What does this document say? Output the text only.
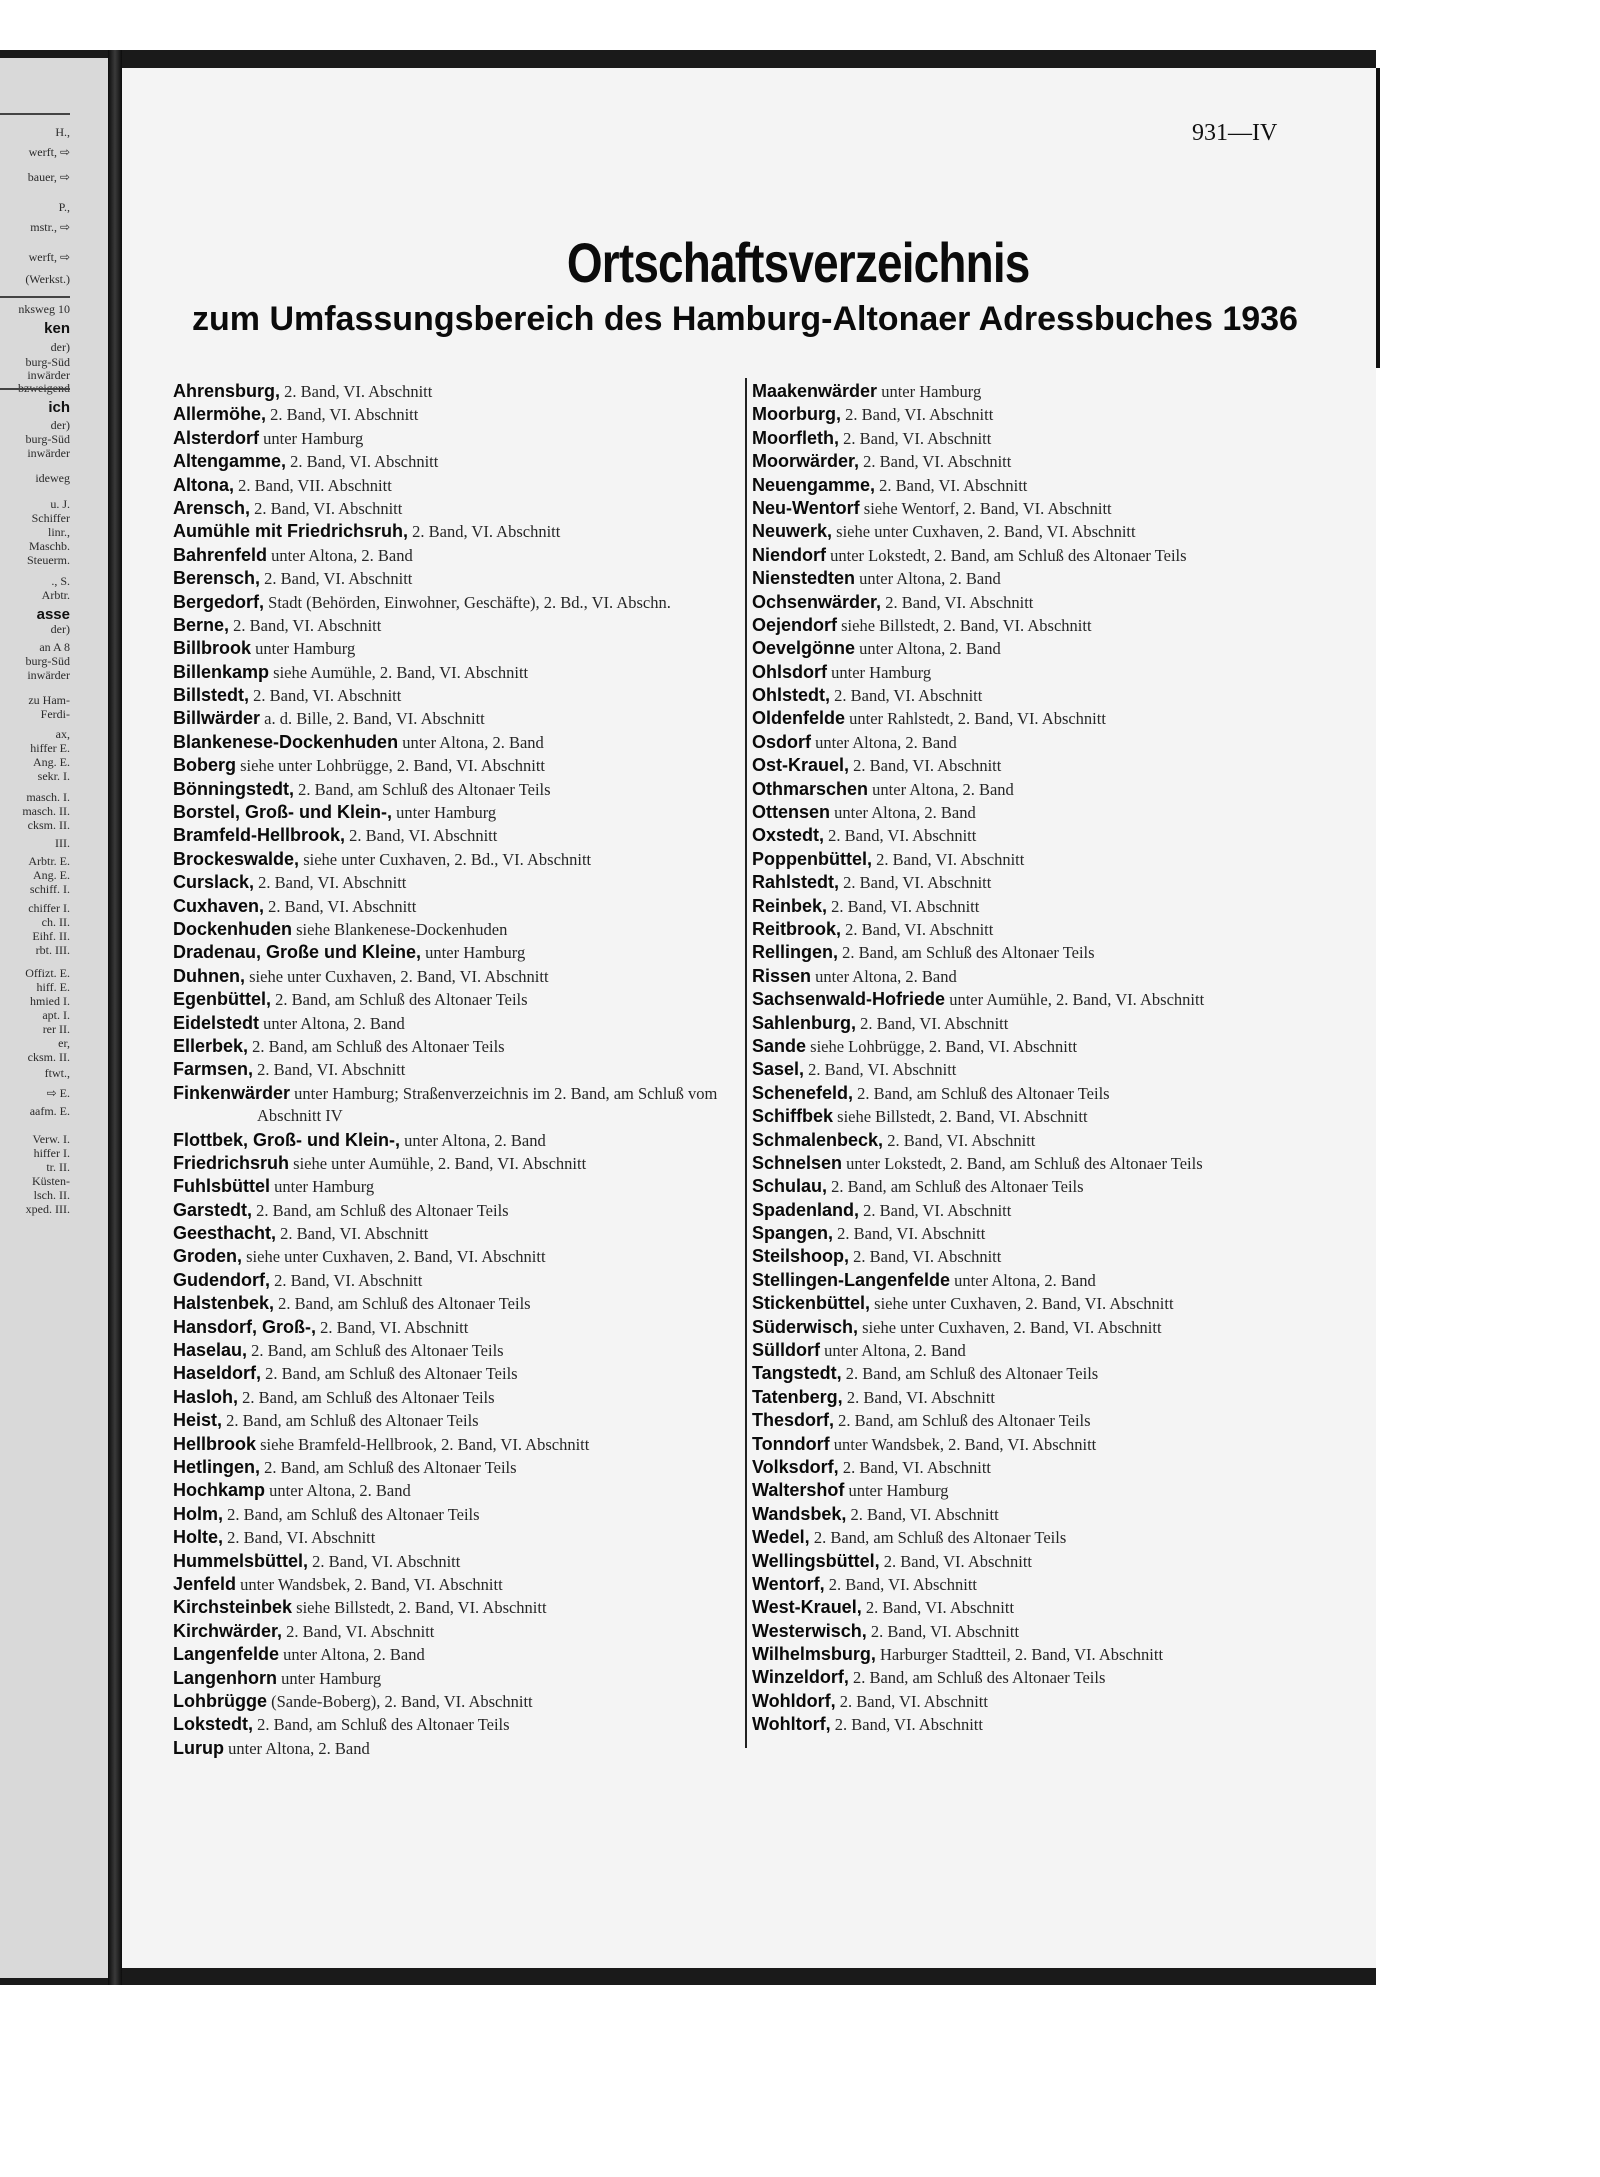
H.,
werft, ⇨
bauer, ⇨
P.,
mstr., ⇨
werft, ⇨
(Werkst.)
nksweg 10
ken
der)
burg-Süd
inwärder
ich
der)
burg-Süd
inwärder
ideweg
u. J.
Schiffer
linr.,
Maschb.
Steuerm.
., S.
Arbtr.
asse
der)
an A 8
burg-Süd
inwärder
zu Ham-
Ferdi-
ax,
hiffer E.
Ang. E.
sekr. I.
masch. I.
masch. II.
cksm. II.
III.
Arbtr. E.
Ang. E.
schiff. I.
chiffer I.
ch. II.
Eihf. II.
rbt. III.
Offizt. E.
hiff. E.
hmied I.
apt. I.
rer II.
er,
cksm. II.
ftwt.,
⇨ E.
aafm. E.
Verw. I.
hiffer I.
tr. II.
Küsten-
lsch. II.
xped. III.
931—IV
Ortschaftsverzeichnis
zum Umfassungsbereich des Hamburg-Altonaer Adressbuches 1936
Ahrensburg, 2. Band, VI. Abschnitt
Allermöhe, 2. Band, VI. Abschnitt
Alsterdorf unter Hamburg
Altengamme, 2. Band, VI. Abschnitt
Altona, 2. Band, VII. Abschnitt
Arensch, 2. Band, VI. Abschnitt
Aumühle mit Friedrichsruh, 2. Band, VI. Abschnitt
Bahrenfeld unter Altona, 2. Band
Berensch, 2. Band, VI. Abschnitt
Bergedorf, Stadt (Behörden, Einwohner, Geschäfte), 2. Bd., VI. Abschn.
Berne, 2. Band, VI. Abschnitt
Billbrook unter Hamburg
Billenkamp siehe Aumühle, 2. Band, VI. Abschnitt
Billstedt, 2. Band, VI. Abschnitt
Billwärder a. d. Bille, 2. Band, VI. Abschnitt
Blankenese-Dockenhuden unter Altona, 2. Band
Boberg siehe unter Lohbrügge, 2. Band, VI. Abschnitt
Bönningstedt, 2. Band, am Schluß des Altonaer Teils
Borstel, Groß- und Klein-, unter Hamburg
Bramfeld-Hellbrook, 2. Band, VI. Abschnitt
Brockeswalde, siehe unter Cuxhaven, 2. Bd., VI. Abschnitt
Curslack, 2. Band, VI. Abschnitt
Cuxhaven, 2. Band, VI. Abschnitt
Dockenhuden siehe Blankenese-Dockenhuden
Dradenau, Große und Kleine, unter Hamburg
Duhnen, siehe unter Cuxhaven, 2. Band, VI. Abschnitt
Egenbüttel, 2. Band, am Schluß des Altonaer Teils
Eidelstedt unter Altona, 2. Band
Ellerbek, 2. Band, am Schluß des Altonaer Teils
Farmsen, 2. Band, VI. Abschnitt
Finkenwärder unter Hamburg; Straßenverzeichnis im 2. Band, am Schluß vom Abschnitt IV
Flottbek, Groß- und Klein-, unter Altona, 2. Band
Friedrichsruh siehe unter Aumühle, 2. Band, VI. Abschnitt
Fuhlsbüttel unter Hamburg
Garstedt, 2. Band, am Schluß des Altonaer Teils
Geesthacht, 2. Band, VI. Abschnitt
Groden, siehe unter Cuxhaven, 2. Band, VI. Abschnitt
Gudendorf, 2. Band, VI. Abschnitt
Halstenbek, 2. Band, am Schluß des Altonaer Teils
Hansdorf, Groß-, 2. Band, VI. Abschnitt
Haselau, 2. Band, am Schluß des Altonaer Teils
Haseldorf, 2. Band, am Schluß des Altonaer Teils
Hasloh, 2. Band, am Schluß des Altonaer Teils
Heist, 2. Band, am Schluß des Altonaer Teils
Hellbrook siehe Bramfeld-Hellbrook, 2. Band, VI. Abschnitt
Hetlingen, 2. Band, am Schluß des Altonaer Teils
Hochkamp unter Altona, 2. Band
Holm, 2. Band, am Schluß des Altonaer Teils
Holte, 2. Band, VI. Abschnitt
Hummelsbüttel, 2. Band, VI. Abschnitt
Jenfeld unter Wandsbek, 2. Band, VI. Abschnitt
Kirchsteinbek siehe Billstedt, 2. Band, VI. Abschnitt
Kirchwärder, 2. Band, VI. Abschnitt
Langenfelde unter Altona, 2. Band
Langenhorn unter Hamburg
Lohbrügge (Sande-Boberg), 2. Band, VI. Abschnitt
Lokstedt, 2. Band, am Schluß des Altonaer Teils
Lurup unter Altona, 2. Band
Maakenwärder unter Hamburg
Moorburg, 2. Band, VI. Abschnitt
Moorfleth, 2. Band, VI. Abschnitt
Moorwärder, 2. Band, VI. Abschnitt
Neuengamme, 2. Band, VI. Abschnitt
Neu-Wentorf siehe Wentorf, 2. Band, VI. Abschnitt
Neuwerk, siehe unter Cuxhaven, 2. Band, VI. Abschnitt
Niendorf unter Lokstedt, 2. Band, am Schluß des Altonaer Teils
Nienstedten unter Altona, 2. Band
Ochsenwärder, 2. Band, VI. Abschnitt
Oejendorf siehe Billstedt, 2. Band, VI. Abschnitt
Oevelgönne unter Altona, 2. Band
Ohlsdorf unter Hamburg
Ohlstedt, 2. Band, VI. Abschnitt
Oldenfelde unter Rahlstedt, 2. Band, VI. Abschnitt
Osdorf unter Altona, 2. Band
Ost-Krauel, 2. Band, VI. Abschnitt
Othmarschen unter Altona, 2. Band
Ottensen unter Altona, 2. Band
Oxstedt, 2. Band, VI. Abschnitt
Poppenbüttel, 2. Band, VI. Abschnitt
Rahlstedt, 2. Band, VI. Abschnitt
Reinbek, 2. Band, VI. Abschnitt
Reitbrook, 2. Band, VI. Abschnitt
Rellingen, 2. Band, am Schluß des Altonaer Teils
Rissen unter Altona, 2. Band
Sachsenwald-Hofriede unter Aumühle, 2. Band, VI. Abschnitt
Sahlenburg, 2. Band, VI. Abschnitt
Sande siehe Lohbrügge, 2. Band, VI. Abschnitt
Sasel, 2. Band, VI. Abschnitt
Schenefeld, 2. Band, am Schluß des Altonaer Teils
Schiffbek siehe Billstedt, 2. Band, VI. Abschnitt
Schmalenbeck, 2. Band, VI. Abschnitt
Schnelsen unter Lokstedt, 2. Band, am Schluß des Altonaer Teils
Schulau, 2. Band, am Schluß des Altonaer Teils
Spadenland, 2. Band, VI. Abschnitt
Spangen, 2. Band, VI. Abschnitt
Steilshoop, 2. Band, VI. Abschnitt
Stellingen-Langenfelde unter Altona, 2. Band
Stickenbüttel, siehe unter Cuxhaven, 2. Band, VI. Abschnitt
Süderwisch, siehe unter Cuxhaven, 2. Band, VI. Abschnitt
Sülldorf unter Altona, 2. Band
Tangstedt, 2. Band, am Schluß des Altonaer Teils
Tatenberg, 2. Band, VI. Abschnitt
Thesdorf, 2. Band, am Schluß des Altonaer Teils
Tonndorf unter Wandsbek, 2. Band, VI. Abschnitt
Volksdorf, 2. Band, VI. Abschnitt
Waltershof unter Hamburg
Wandsbek, 2. Band, VI. Abschnitt
Wedel, 2. Band, am Schluß des Altonaer Teils
Wellingsbüttel, 2. Band, VI. Abschnitt
Wentorf, 2. Band, VI. Abschnitt
West-Krauel, 2. Band, VI. Abschnitt
Westerwisch, 2. Band, VI. Abschnitt
Wilhelmsburg, Harburger Stadtteil, 2. Band, VI. Abschnitt
Winzeldorf, 2. Band, am Schluß des Altonaer Teils
Wohldorf, 2. Band, VI. Abschnitt
Wohltorf, 2. Band, VI. Abschnitt
